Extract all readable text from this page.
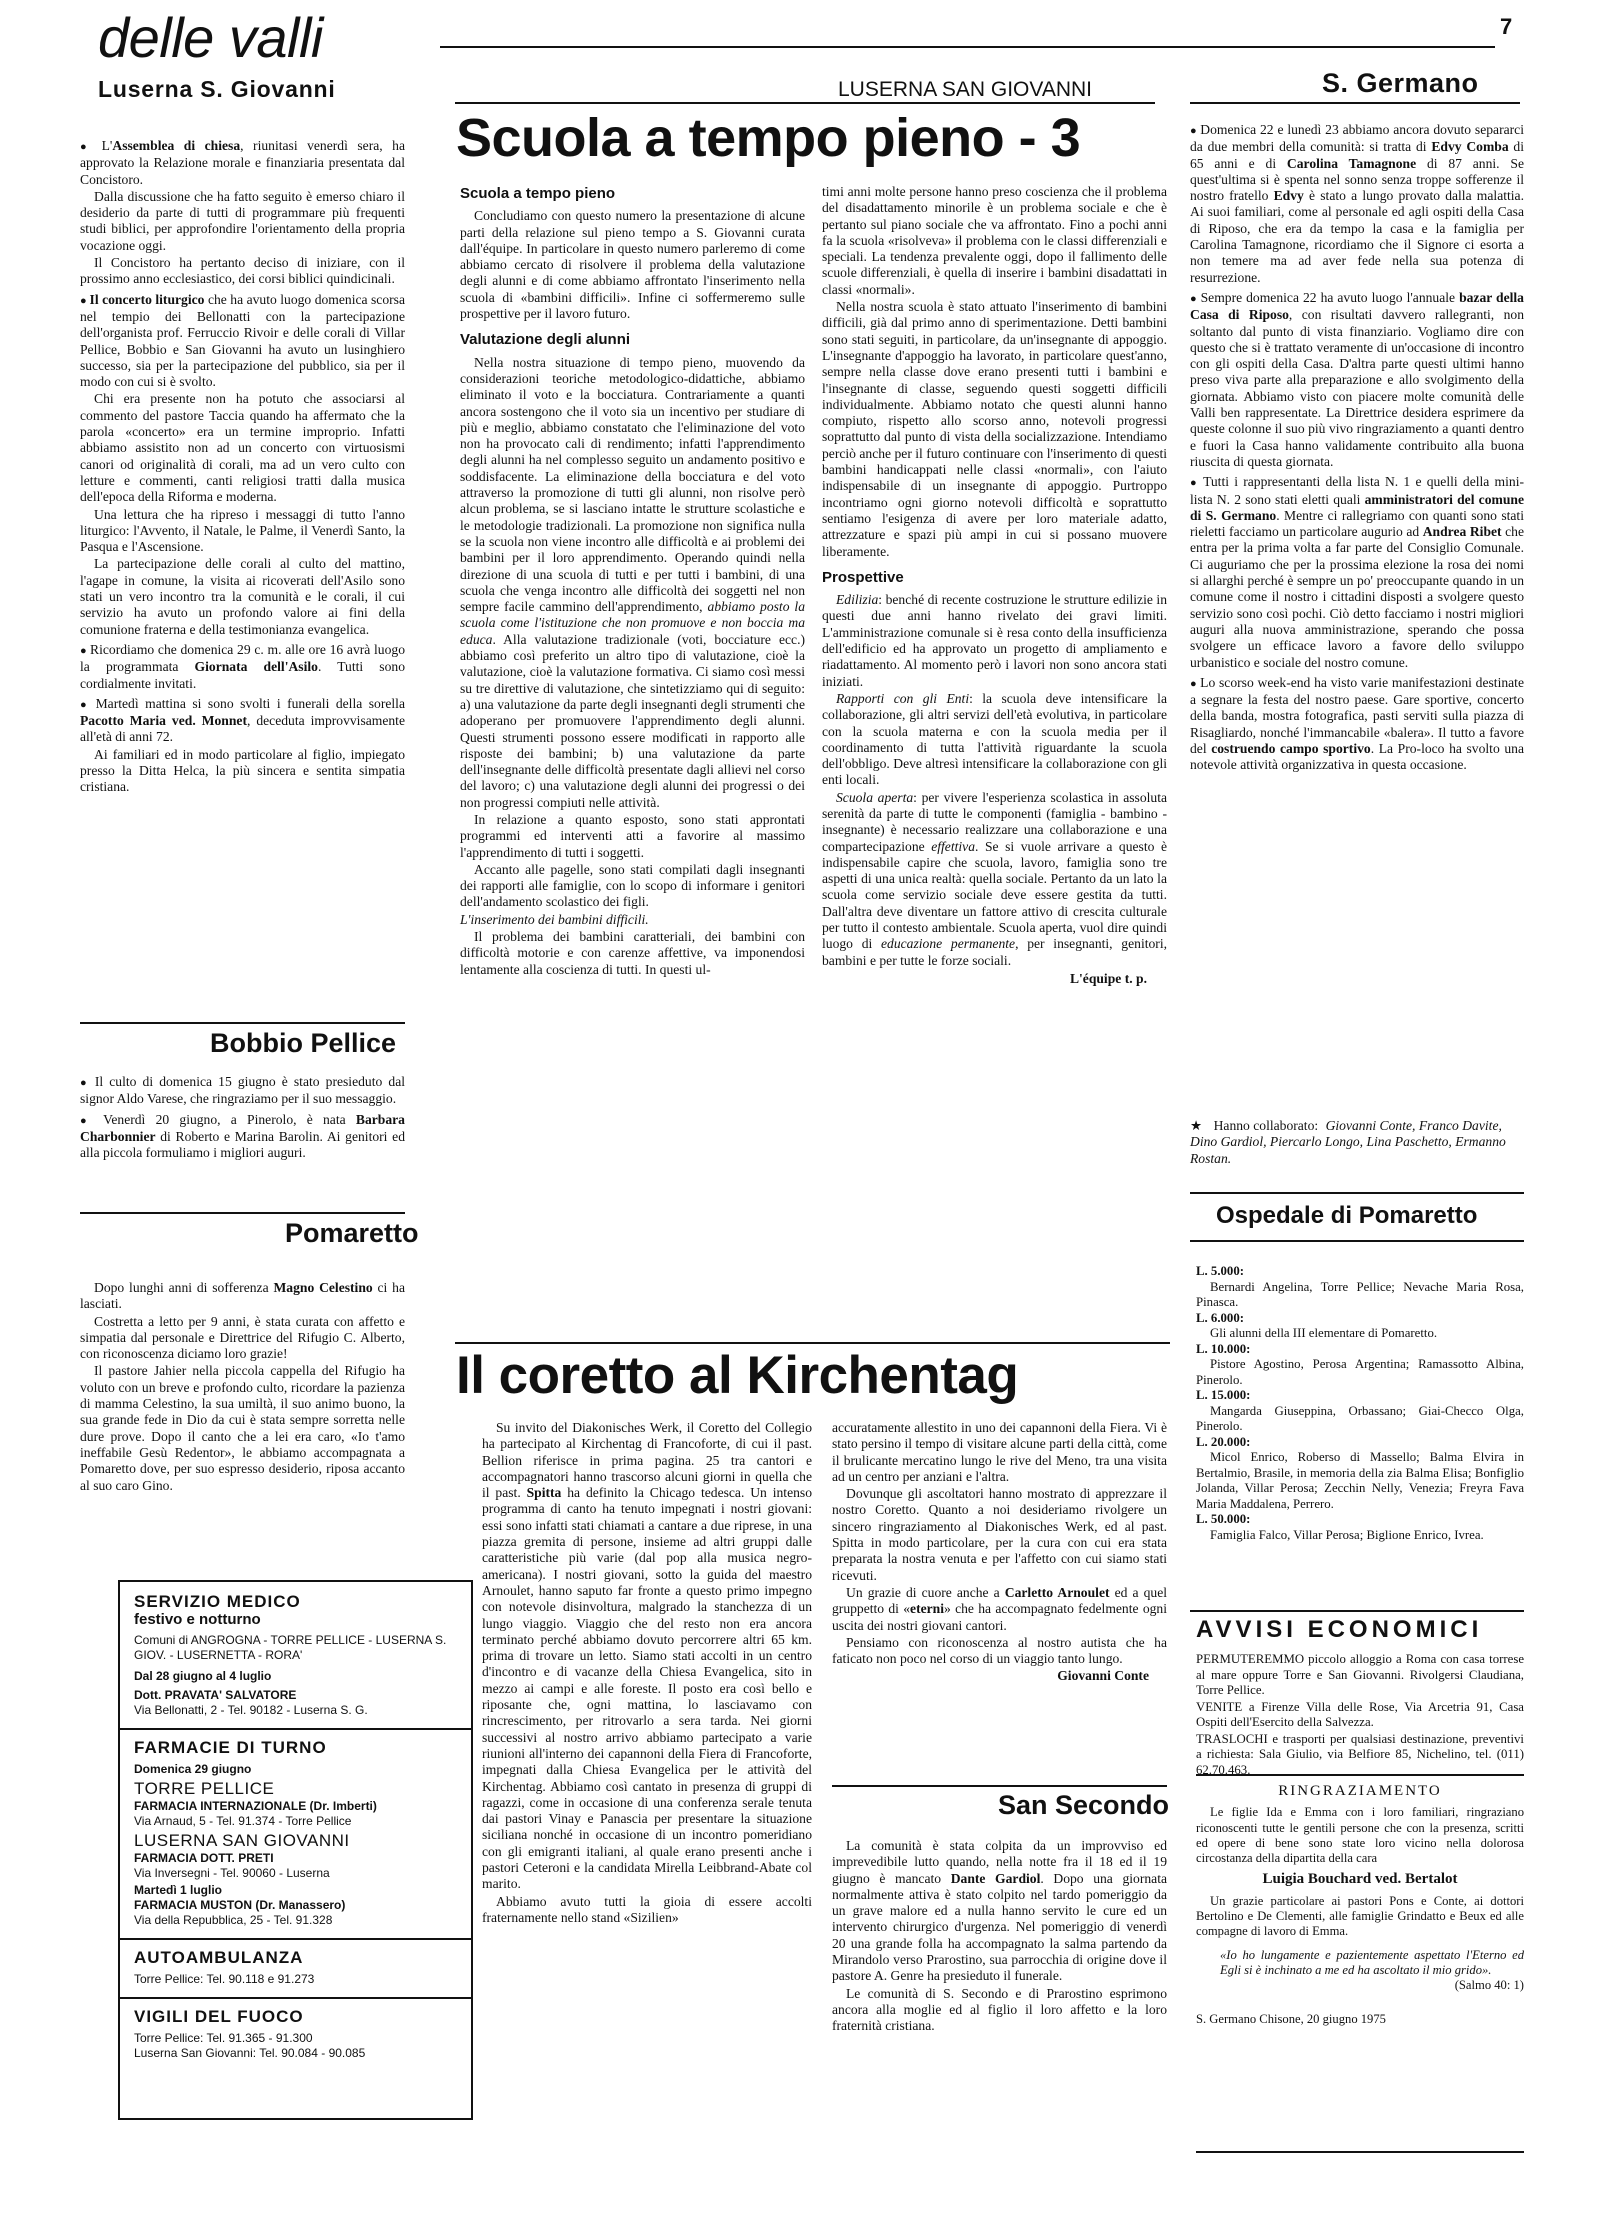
delle valli	7
Luserna S. Giovanni	LUSERNA SAN GIOVANNI	S. Germano
Scuola a tempo pieno - 3

● L'Assemblea di chiesa, riunitasi venerdì sera, ha approvato la Relazione morale e finanziaria presentata dal Concistoro.

Dalla discussione che ha fatto seguito è emerso chiaro il desiderio da parte di tutti di programmare più frequenti studi biblici, per approfondire l'orientamento della propria vocazione oggi.

Il Concistoro ha pertanto deciso di iniziare, con il prossimo anno ecclesiastico, dei corsi biblici quindicinali.

● Il concerto liturgico che ha avuto luogo domenica scorsa nel tempio dei Bellonatti con la partecipazione dell'organista prof. Ferruccio Rivoir e delle corali di Villar Pellice, Bobbio e San Giovanni ha avuto un lusinghiero successo, sia per la partecipazione del pubblico, sia per il modo con cui si è svolto.

Chi era presente non ha potuto che associarsi al commento del pastore Taccia quando ha affermato che la parola «concerto» era un termine improprio. Infatti abbiamo assistito non ad un concerto con virtuosismi canori od originalità di corali, ma ad un vero culto con letture e commenti, canti religiosi tratti dalla musica dell'epoca della Riforma e moderna.

Una lettura che ha ripreso i messaggi di tutto l'anno liturgico: l'Avvento, il Natale, le Palme, il Venerdì Santo, la Pasqua e l'Ascensione.

La partecipazione delle corali al culto del mattino, l'agape in comune, la visita ai ricoverati dell'Asilo sono stati un vero incontro tra la comunità e le corali, il cui servizio ha avuto un profondo valore ai fini della comunione fraterna e della testimonianza evangelica.

● Ricordiamo che domenica 29 c. m. alle ore 16 avrà luogo la programmata Giornata dell'Asilo. Tutti sono cordialmente invitati.

● Martedì mattina si sono svolti i funerali della sorella Pacotto Maria ved. Monnet, deceduta improvvisamente all'età di anni 72.

Ai familiari ed in modo particolare al figlio, impiegato presso la Ditta Helca, la più sincera e sentita simpatia cristiana.

Bobbio Pellice

● Il culto di domenica 15 giugno è stato presieduto dal signor Aldo Varese, che ringraziamo per il suo messaggio.

● Venerdì 20 giugno, a Pinerolo, è nata Barbara Charbonnier di Roberto e Marina Barolin. Ai genitori ed alla piccola formuliamo i migliori auguri.

Pomaretto

Dopo lunghi anni di sofferenza Magno Celestino ci ha lasciati.

Costretta a letto per 9 anni, è stata curata con affetto e simpatia dal personale e Direttrice del Rifugio C. Alberto, con riconoscenza diciamo loro grazie!

Il pastore Jahier nella piccola cappella del Rifugio ha voluto con un breve e profondo culto, ricordare la pazienza di mamma Celestino, la sua umiltà, il suo animo buono, la sua grande fede in Dio da cui è stata sempre sorretta nelle dure prove. Dopo il canto che a lei era caro, «Io t'amo ineffabile Gesù Redentor», le abbiamo accompagnata a Pomaretto dove, per suo espresso desiderio, riposa accanto al suo caro Gino.

SERVIZIO MEDICO
festivo e notturno
Comuni di ANGROGNA - TORRE PELLICE - LUSERNA S. GIOV. - LUSERNETTA - RORA'
Dal 28 giugno al 4 luglio
Dott. PRAVATA' SALVATORE
Via Bellonatti, 2 - Tel. 90182 - Luserna S. G.
FARMACIE DI TURNO
Domenica 29 giugno
TORRE PELLICE
FARMACIA INTERNAZIONALE (Dr. Imberti)
Via Arnaud, 5 - Tel. 91.374 - Torre Pellice
LUSERNA SAN GIOVANNI
FARMACIA DOTT. PRETI
Via Inversegni - Tel. 90060 - Luserna
Martedì 1 luglio
FARMACIA MUSTON (Dr. Manassero)
Via della Repubblica, 25 - Tel. 91.328
AUTOAMBULANZA
Torre Pellice: Tel. 90.118 e 91.273
VIGILI DEL FUOCO
Torre Pellice: Tel. 91.365 - 91.300
Luserna San Giovanni: Tel. 90.084 - 90.085
Scuola a tempo pieno

Concludiamo con questo numero la presentazione di alcune parti della relazione sul pieno tempo a S. Giovanni curata dall'équipe. In particolare in questo numero parleremo di come abbiamo cercato di risolvere il problema della valutazione degli alunni e di come abbiamo affrontato l'inserimento nella scuola di «bambini difficili». Infine ci soffermeremo sulle prospettive per il lavoro futuro.

Valutazione degli alunni

Nella nostra situazione di tempo pieno, muovendo da considerazioni teoriche metodologico-didattiche, abbiamo eliminato il voto e la bocciatura. Contrariamente a quanti ancora sostengono che il voto sia un incentivo per studiare di più e meglio, abbiamo constatato che l'eliminazione del voto non ha provocato cali di rendimento; infatti l'apprendimento degli alunni ha nel complesso seguito un andamento positivo e soddisfacente. La eliminazione della bocciatura e del voto attraverso la promozione di tutti gli alunni, non risolve però alcun problema, se si lasciano intatte le strutture scolastiche e le metodologie tradizionali. La promozione non significa nulla se la scuola non viene incontro alle difficoltà e ai problemi dei bambini per il loro apprendimento. Operando quindi nella direzione di una scuola di tutti e per tutti i bambini, di una scuola che venga incontro alle difficoltà dei soggetti nel non sempre facile cammino dell'apprendimento, abbiamo posto la scuola come l'istituzione che non promuove e non boccia ma educa. Alla valutazione tradizionale (voti, bocciature ecc.) abbiamo così preferito un altro tipo di valutazione, cioè la valutazione, cioè la valutazione formativa. Ci siamo così messi su tre direttive di valutazione, che sintetizziamo qui di seguito: a) una valutazione da parte degli insegnanti degli strumenti che adoperano per promuovere l'apprendimento degli alunni. Questi strumenti possono essere modificati in rapporto alle risposte dei bambini; b) una valutazione da parte dell'insegnante delle difficoltà presentate dagli allievi nel corso del lavoro; c) una valutazione degli alunni dei progressi o dei non progressi compiuti nelle attività.

In relazione a quanto esposto, sono stati approntati programmi ed interventi atti a favorire al massimo l'apprendimento di tutti i soggetti.

Accanto alle pagelle, sono stati compilati dagli insegnanti dei rapporti alle famiglie, con lo scopo di informare i genitori dell'andamento scolastico dei figli.

L'inserimento dei bambini difficili.

Il problema dei bambini caratteriali, dei bambini con difficoltà motorie e con carenze affettive, va imponendosi lentamente alla coscienza di tutti. In questi ul-

timi anni molte persone hanno preso coscienza che il problema del disadattamento minorile è un problema sociale e che è pertanto sul piano sociale che va affrontato. Fino a pochi anni fa la scuola «risolveva» il problema con le classi differenziali e speciali. La tendenza prevalente oggi, dopo il fallimento delle scuole differenziali, è quella di inserire i bambini disadattati in classi «normali».

Nella nostra scuola è stato attuato l'inserimento di bambini difficili, già dal primo anno di sperimentazione. Detti bambini sono stati seguiti, in particolare, da un'insegnante di appoggio. L'insegnante d'appoggio ha lavorato, in particolare quest'anno, sempre nella classe dove erano presenti tutti i bambini e l'insegnante di classe, seguendo questi soggetti difficili individualmente. Abbiamo notato che questi alunni hanno compiuto, rispetto allo scorso anno, notevoli progressi soprattutto dal punto di vista della socializzazione. Intendiamo perciò anche per il futuro continuare con l'inserimento di questi bambini handicappati nelle classi «normali», con l'aiuto indispensabile di un insegnante di appoggio. Purtroppo incontriamo ogni giorno notevoli difficoltà e soprattutto sentiamo l'esigenza di avere per loro materiale adatto, attrezzature e spazi più ampi in cui si possano muovere liberamente.

Prospettive

Edilizia: benché di recente costruzione le strutture edilizie in questi due anni hanno rivelato dei gravi limiti. L'amministrazione comunale si è resa conto della insufficienza dell'edificio ed ha approvato un progetto di ampliamento e riadattamento. Al momento però i lavori non sono ancora stati iniziati.

Rapporti con gli Enti: la scuola deve intensificare la collaborazione, gli altri servizi dell'età evolutiva, in particolare con la scuola materna e con la scuola media per il coordinamento di tutta l'attività riguardante la scuola dell'obbligo. Deve altresì intensificare la collaborazione con gli enti locali.

Scuola aperta: per vivere l'esperienza scolastica in assoluta serenità da parte di tutte le componenti (famiglia - bambino - insegnante) è necessario realizzare una collaborazione e una compartecipazione effettiva. Se si vuole arrivare a questo è indispensabile capire che scuola, lavoro, famiglia sono tre aspetti di una unica realtà: quella sociale. Pertanto da un lato la scuola come servizio sociale deve essere gestita da tutti. Dall'altra deve diventare un fattore attivo di crescita culturale per tutto il contesto ambientale. Scuola aperta, vuol dire quindi luogo di educazione permanente, per insegnanti, genitori, bambini e per tutte le forze sociali.

L'équipe t. p.
Il coretto al Kirchentag

Su invito del Diakonisches Werk, il Coretto del Collegio ha partecipato al Kirchentag di Francoforte, di cui il past. Bellion riferisce in prima pagina. 25 tra cantori e accompagnatori hanno trascorso alcuni giorni in quella che il past. Spitta ha definito la Chicago tedesca. Un intenso programma di canto ha tenuto impegnati i nostri giovani: essi sono infatti stati chiamati a cantare a due riprese, in una piazza gremita di persone, insieme ad altri gruppi dalle caratteristiche più varie (dal pop alla musica negro-americana). I nostri giovani, sotto la guida del maestro Arnoulet, hanno saputo far fronte a questo primo impegno con notevole disinvoltura, malgrado la stanchezza di un lungo viaggio. Viaggio che del resto non era ancora terminato perché abbiamo dovuto percorrere altri 65 km. prima di trovare un letto. Siamo stati accolti in un centro d'incontro e di vacanze della Chiesa Evangelica, sito in mezzo ai campi e alle foreste. Il posto era così bello e riposante che, ogni mattina, lo lasciavamo con rincrescimento, per ritrovarlo a sera tarda. Nei giorni successivi al nostro arrivo abbiamo partecipato a varie riunioni all'interno dei capannoni della Fiera di Francoforte, impegnati dalla Chiesa Evangelica per le attività del Kirchentag. Abbiamo così cantato in presenza di gruppi di ragazzi, come in occasione di una conferenza serale tenuta dai pastori Vinay e Panascia per presentare la situazione siciliana nonché in occasione di un incontro pomeridiano con gli emigranti italiani, al quale erano presenti anche i pastori Ceteroni e la candidata Mirella Leibbrand-Abate col marito.

Abbiamo avuto tutti la gioia di essere accolti fraternamente nello stand «Sizilien»

accuratamente allestito in uno dei capannoni della Fiera. Vi è stato persino il tempo di visitare alcune parti della città, come il brulicante mercatino lungo le rive del Meno, tra una visita ad un centro per anziani e l'altra.

Dovunque gli ascoltatori hanno mostrato di apprezzare il nostro Coretto. Quanto a noi desideriamo rivolgere un sincero ringraziamento al Diakonisches Werk, ed al past. Spitta in modo particolare, per la cura con cui era stata preparata la nostra venuta e per l'affetto con cui siamo stati ricevuti.

Un grazie di cuore anche a Carletto Arnoulet ed a quel gruppetto di «eterni» che ha accompagnato fedelmente ogni uscita dei nostri giovani cantori.

Pensiamo con riconoscenza al nostro autista che ha faticato non poco nel corso di un viaggio tanto lungo.

Giovanni Conte
San Secondo

La comunità è stata colpita da un improvviso ed imprevedibile lutto quando, nella notte fra il 18 ed il 19 giugno è mancato Dante Gardiol. Dopo una giornata normalmente attiva è stato colpito nel tardo pomeriggio da un grave malore ed a nulla hanno servito le cure ed un intervento chirurgico d'urgenza. Nel pomeriggio di venerdì 20 una grande folla ha accompagnato la salma partendo da Mirandolo verso Prarostino, sua parrocchia di origine dove il pastore A. Genre ha presieduto il funerale.

Le comunità di S. Secondo e di Prarostino esprimono ancora alla moglie ed al figlio il loro affetto e la loro fraternità cristiana.

● Domenica 22 e lunedì 23 abbiamo ancora dovuto separarci da due membri della comunità: si tratta di Edvy Comba di 65 anni e di Carolina Tamagnone di 87 anni. Se quest'ultima si è spenta nel sonno senza troppe sofferenze il nostro fratello Edvy è stato a lungo provato dalla malattia. Ai suoi familiari, come al personale ed agli ospiti della Casa di Riposo, che era da tempo la casa e la famiglia per Carolina Tamagnone, ricordiamo che il Signore ci esorta a non temere ma ad aver fede nella sua potenza di resurrezione.

● Sempre domenica 22 ha avuto luogo l'annuale bazar della Casa di Riposo, con risultati davvero rallegranti, non soltanto dal punto di vista finanziario. Vogliamo dire con questo che si è trattato veramente di un'occasione di incontro con gli ospiti della Casa. D'altra parte questi ultimi hanno preso viva parte alla preparazione e allo svolgimento della giornata. Abbiamo visto con piacere molte comunità delle Valli ben rappresentate. La Direttrice desidera esprimere da queste colonne il suo più vivo ringraziamento a quanti dentro e fuori la Casa hanno validamente contribuito alla buona riuscita di questa giornata.

● Tutti i rappresentanti della lista N. 1 e quelli della mini-lista N. 2 sono stati eletti quali amministratori del comune di S. Germano. Mentre ci rallegriamo con quanti sono stati rieletti facciamo un particolare augurio ad Andrea Ribet che entra per la prima volta a far parte del Consiglio Comunale. Ci auguriamo che per la prossima elezione la rosa dei nomi si allarghi perché è sempre un po' preoccupante quando in un comune come il nostro i cittadini disposti a svolgere questo servizio sono così pochi. Ciò detto facciamo i nostri migliori auguri alla nuova amministrazione, sperando che possa svolgere un efficace lavoro a favore dello sviluppo urbanistico e sociale del nostro comune.

● Lo scorso week-end ha visto varie manifestazioni destinate a segnare la festa del nostro paese. Gare sportive, concerto della banda, mostra fotografica, pasti serviti sulla piazza di Risagliardo, nonché l'immancabile «balera». Il tutto a favore del costruendo campo sportivo. La Pro-loco ha svolto una notevole attività organizzativa in questa occasione.

★ Hanno collaborato: Giovanni Conte, Franco Davite, Dino Gardiol, Piercarlo Longo, Lina Paschetto, Ermanno Rostan.
Ospedale di Pomaretto
L. 5.000:
Bernardi Angelina, Torre Pellice; Nevache Maria Rosa, Pinasca.
L. 6.000:
Gli alunni della III elementare di Pomaretto.
L. 10.000:
Pistore Agostino, Perosa Argentina; Ramassotto Albina, Pinerolo.
L. 15.000:
Mangarda Giuseppina, Orbassano; Giai-Checco Olga, Pinerolo.
L. 20.000:
Micol Enrico, Roberso di Massello; Balma Elvira in Bertalmio, Brasile, in memoria della zia Balma Elisa; Bonfiglio Jolanda, Villar Perosa; Zecchin Nelly, Venezia; Freyra Fava Maria Maddalena, Perrero.
L. 50.000:
Famiglia Falco, Villar Perosa; Biglione Enrico, Ivrea.
AVVISI ECONOMICI

PERMUTEREMMO piccolo alloggio a Roma con casa torrese al mare oppure Torre e San Giovanni. Rivolgersi Claudiana, Torre Pellice.

VENITE a Firenze Villa delle Rose, Via Arcetria 91, Casa Ospiti dell'Esercito della Salvezza.

TRASLOCHI e trasporti per qualsiasi destinazione, preventivi a richiesta: Sala Giulio, via Belfiore 85, Nichelino, tel. (011) 62.70.463.

RINGRAZIAMENTO
Le figlie Ida e Emma con i loro familiari, ringraziano riconoscenti tutte le gentili persone che con la presenza, scritti ed opere di bene sono state loro vicino nella dolorosa circostanza della dipartita della cara
Luigia Bouchard ved. Bertalot
Un grazie particolare ai pastori Pons e Conte, ai dottori Bertolino e De Clementi, alle famiglie Grindatto e Beux ed alle compagne di lavoro di Emma.
«Io ho lungamente e pazientemente aspettato l'Eterno ed Egli si è inchinato a me ed ha ascoltato il mio grido».
(Salmo 40: 1)
S. Germano Chisone, 20 giugno 1975
